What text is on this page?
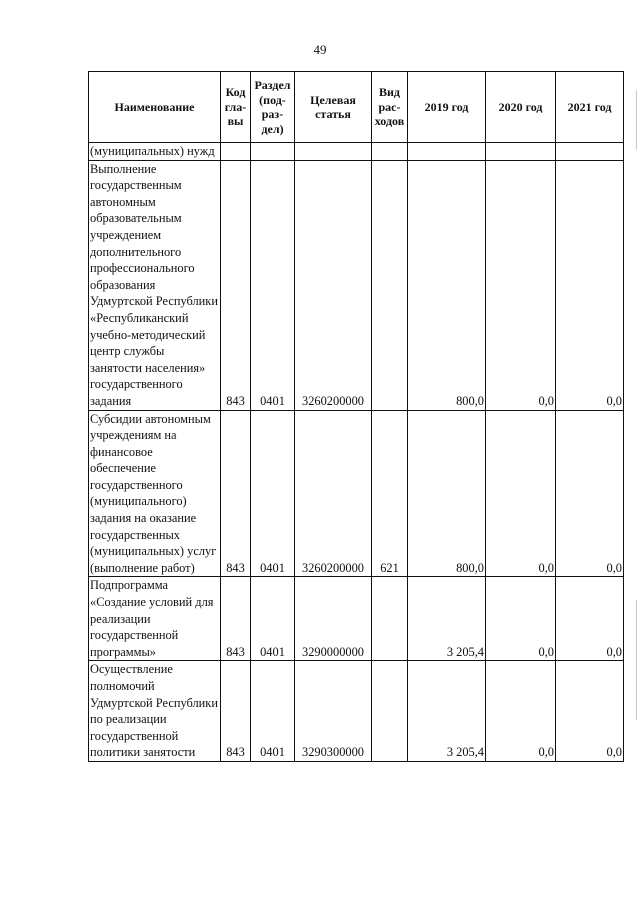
49
Наименование	Код гла-вы	Раздел (под-раз-дел)	Целевая статья	Вид рас-ходов	2019 год	2020 год	2021 год
(муниципальных) нужд							
Выполнение государственным автономным образовательным учреждением дополнительного профессионального образования Удмуртской Республики «Республиканский учебно-методический центр службы занятости населения» государственного задания	843	0401	3260200000		800,0	0,0	0,0
Субсидии автономным учреждениям на финансовое обеспечение государственного (муниципального) задания на оказание государственных (муниципальных) услуг (выполнение работ)	843	0401	3260200000	621	800,0	0,0	0,0
Подпрограмма «Создание условий для реализации государственной программы»	843	0401	3290000000		3 205,4	0,0	0,0
Осуществление полномочий Удмуртской Республики по реализации государственной политики занятости	843	0401	3290300000		3 205,4	0,0	0,0
